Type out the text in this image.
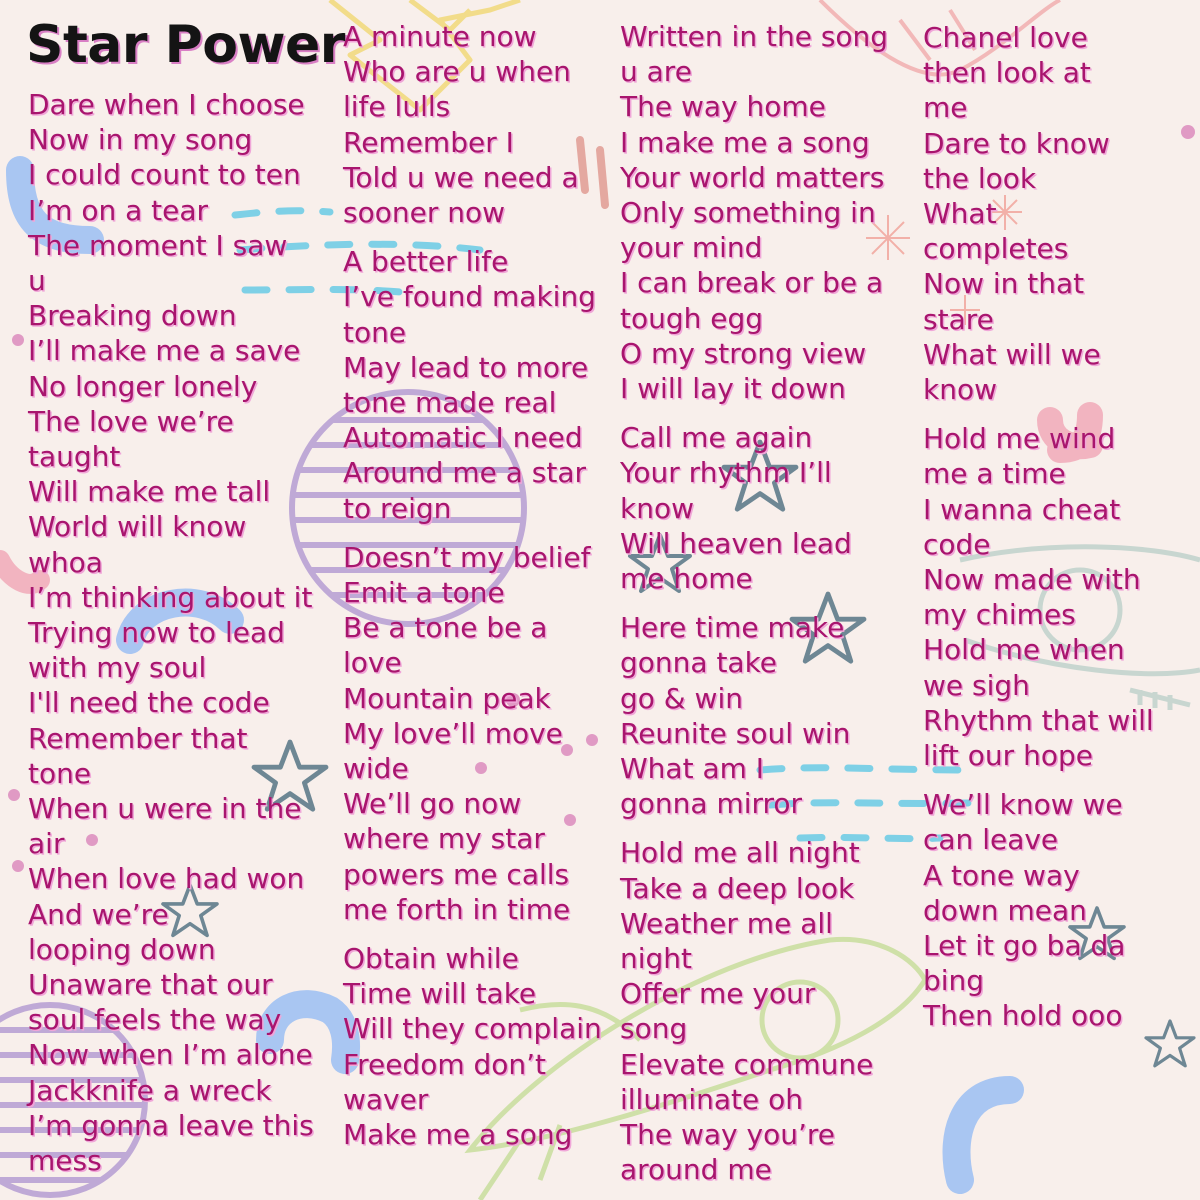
Star Power
Dare when I choose
Now in my song
I could count to ten
I’m on a tear
The moment I saw
u
Breaking down
I’ll make me a save
No longer lonely
The love we’re
taught
Will make me tall
World will know
whoa
I’m thinking about it
Trying now to lead
with my soul
I'll need the code
Remember that
tone
When u were in the
air
When love had won
And we’re
looping down
Unaware that our
soul feels the way
Now when I’m alone
Jackknife a wreck
I’m gonna leave this
mess
A minute now
Who are u when
life lulls
Remember I
Told u we need a
sooner now
A better life
I’ve found making
tone
May lead to more
tone made real
Automatic I need
Around me a star
to reign
Doesn’t my belief
Emit a tone
Be a tone be a
love
Mountain peak
My love’ll move
wide
We’ll go now
where my star
powers me calls
me forth in time
Obtain while
Time will take
Will they complain
Freedom don’t
waver
Make me a song
Written in the song
u are
The way home
I make me a song
Your world matters
Only something in
your mind
I can break or be a
tough egg
O my strong view
I will lay it down
Call me again
Your rhythm I’ll
know
Will heaven lead
me home
Here time make
gonna take
go & win
Reunite soul win
What am I
gonna mirror
Hold me all night
Take a deep look
Weather me all
night
Offer me your
song
Elevate commune
illuminate oh
The way you’re
around me
Chanel love
then look at
me
Dare to know
the look
What
completes
Now in that
stare
What will we
know
Hold me wind
me a time
I wanna cheat
code
Now made with
my chimes
Hold me when
we sigh
Rhythm that will
lift our hope
We’ll know we
can leave
A tone way
down mean
Let it go ba da
bing
Then hold ooo
